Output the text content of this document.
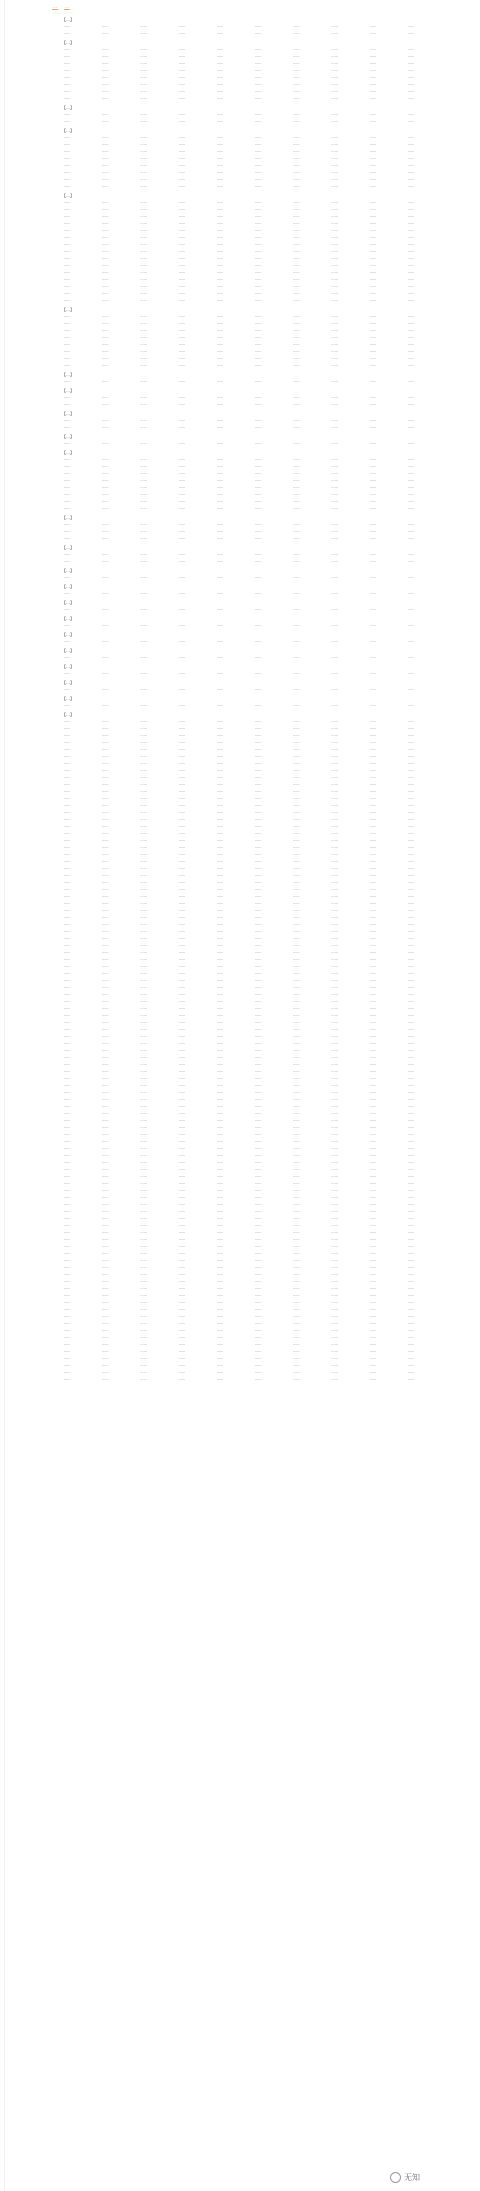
… …
【…】
……	……	……	……	……	……	……	……	……	……
……	……	……	……	……	……	……	……	……	……
【…】
……	……	……	……	……	……	……	……	……	……
……	……	……	……	……	……	……	……	……	……
……	……	……	……	……	……	……	……	……	……
……	……	……	……	……	……	……	……	……	……
……	……	……	……	……	……	……	……	……	……
……	……	……	……	……	……	……	……	……	……
……	……	……	……	……	……	……	……	……	……
……	……	……	……	……	……	……	……	……	……
【…】
……	……	……	……	……	……	……	……	……	……
……	……	……	……	……	……	……	……	……	……
【…】
……	……	……	……	……	……	……	……	……	……
……	……	……	……	……	……	……	……	……	……
……	……	……	……	……	……	……	……	……	……
……	……	……	……	……	……	……	……	……	……
……	……	……	……	……	……	……	……	……	……
……	……	……	……	……	……	……	……	……	……
……	……	……	……	……	……	……	……	……	……
……	……	……	……	……	……	……	……	……	……
【…】
……	……	……	……	……	……	……	……	……	……
……	……	……	……	……	……	……	……	……	……
……	……	……	……	……	……	……	……	……	……
……	……	……	……	……	……	……	……	……	……
……	……	……	……	……	……	……	……	……	……
……	……	……	……	……	……	……	……	……	……
……	……	……	……	……	……	……	……	……	……
……	……	……	……	……	……	……	……	……	……
……	……	……	……	……	……	……	……	……	……
……	……	……	……	……	……	……	……	……	……
……	……	……	……	……	……	……	……	……	……
……	……	……	……	……	……	……	……	……	……
……	……	……	……	……	……	……	……	……	……
……	……	……	……	……	……	……	……	……	……
……	……	……	……	……	……	……	……	……	……
【…】
……	……	……	……	……	……	……	……	……	……
……	……	……	……	……	……	……	……	……	……
……	……	……	……	……	……	……	……	……	……
……	……	……	……	……	……	……	……	……	……
……	……	……	……	……	……	……	……	……	……
……	……	……	……	……	……	……	……	……	……
……	……	……	……	……	……	……	……	……	……
……	……	……	……	……	……	……	……	……	……
【…】
……	……	……	……	……	……	……	……	……	……
【…】
……	……	……	……	……	……	……	……	……	……
……	……	……	……	……	……	……	……	……	……
【…】
……	……	……	……	……	……	……	……	……	……
……	……	……	……	……	……	……	……	……	……
【…】
……	……	……	……	……	……	……	……	……	……
【…】
……	……	……	……	……	……	……	……	……	……
……	……	……	……	……	……	……	……	……	……
……	……	……	……	……	……	……	……	……	……
……	……	……	……	……	……	……	……	……	……
……	……	……	……	……	……	……	……	……	……
……	……	……	……	……	……	……	……	……	……
……	……	……	……	……	……	……	……	……	……
……	……	……	……	……	……	……	……	……	……
【…】
……	……	……	……	……	……	……	……	……	……
……	……	……	……	……	……	……	……	……	……
……	……	……	……	……	……	……	……	……	……
【…】
……	……	……	……	……	……	……	……	……	……
……	……	……	……	……	……	……	……	……	……
【…】
……	……	……	……	……	……	……	……	……	……
【…】
……	……	……	……	……	……	……	……	……	……
【…】
……	……	……	……	……	……	……	……	……	……
【…】
……	……	……	……	……	……	……	……	……	……
【…】
……	……	……	……	……	……	……	……	……	……
【…】
……	……	……	……	……	……	……	……	……	……
【…】
……	……	……	……	……	……	……	……	……	……
【…】
……	……	……	……	……	……	……	……	……	……
【…】
……	……	……	……	……	……	……	……	……	……
【…】
……	……	……	……	……	……	……	……	……	……
……	……	……	……	……	……	……	……	……	……
……	……	……	……	……	……	……	……	……	……
……	……	……	……	……	……	……	……	……	……
……	……	……	……	……	……	……	……	……	……
……	……	……	……	……	……	……	……	……	……
……	……	……	……	……	……	……	……	……	……
……	……	……	……	……	……	……	……	……	……
……	……	……	……	……	……	……	……	……	……
……	……	……	……	……	……	……	……	……	……
……	……	……	……	……	……	……	……	……	……
……	……	……	……	……	……	……	……	……	……
……	……	……	……	……	……	……	……	……	……
……	……	……	……	……	……	……	……	……	……
……	……	……	……	……	……	……	……	……	……
……	……	……	……	……	……	……	……	……	……
……	……	……	……	……	……	……	……	……	……
……	……	……	……	……	……	……	……	……	……
……	……	……	……	……	……	……	……	……	……
……	……	……	……	……	……	……	……	……	……
……	……	……	……	……	……	……	……	……	……
……	……	……	……	……	……	……	……	……	……
……	……	……	……	……	……	……	……	……	……
……	……	……	……	……	……	……	……	……	……
……	……	……	……	……	……	……	……	……	……
……	……	……	……	……	……	……	……	……	……
……	……	……	……	……	……	……	……	……	……
……	……	……	……	……	……	……	……	……	……
……	……	……	……	……	……	……	……	……	……
……	……	……	……	……	……	……	……	……	……
……	……	……	……	……	……	……	……	……	……
……	……	……	……	……	……	……	……	……	……
……	……	……	……	……	……	……	……	……	……
……	……	……	……	……	……	……	……	……	……
……	……	……	……	……	……	……	……	……	……
……	……	……	……	……	……	……	……	……	……
……	……	……	……	……	……	……	……	……	……
……	……	……	……	……	……	……	……	……	……
……	……	……	……	……	……	……	……	……	……
……	……	……	……	……	……	……	……	……	……
……	……	……	……	……	……	……	……	……	……
……	……	……	……	……	……	……	……	……	……
……	……	……	……	……	……	……	……	……	……
……	……	……	……	……	……	……	……	……	……
……	……	……	……	……	……	……	……	……	……
……	……	……	……	……	……	……	……	……	……
……	……	……	……	……	……	……	……	……	……
……	……	……	……	……	……	……	……	……	……
……	……	……	……	……	……	……	……	……	……
……	……	……	……	……	……	……	……	……	……
……	……	……	……	……	……	……	……	……	……
……	……	……	……	……	……	……	……	……	……
……	……	……	……	……	……	……	……	……	……
……	……	……	……	……	……	……	……	……	……
……	……	……	……	……	……	……	……	……	……
……	……	……	……	……	……	……	……	……	……
……	……	……	……	……	……	……	……	……	……
……	……	……	……	……	……	……	……	……	……
……	……	……	……	……	……	……	……	……	……
……	……	……	……	……	……	……	……	……	……
……	……	……	……	……	……	……	……	……	……
……	……	……	……	……	……	……	……	……	……
……	……	……	……	……	……	……	……	……	……
……	……	……	……	……	……	……	……	……	……
……	……	……	……	……	……	……	……	……	……
……	……	……	……	……	……	……	……	……	……
……	……	……	……	……	……	……	……	……	……
……	……	……	……	……	……	……	……	……	……
……	……	……	……	……	……	……	……	……	……
……	……	……	……	……	……	……	……	……	……
……	……	……	……	……	……	……	……	……	……
……	……	……	……	……	……	……	……	……	……
……	……	……	……	……	……	……	……	……	……
……	……	……	……	……	……	……	……	……	……
……	……	……	……	……	……	……	……	……	……
……	……	……	……	……	……	……	……	……	……
……	……	……	……	……	……	……	……	……	……
……	……	……	……	……	……	……	……	……	……
……	……	……	……	……	……	……	……	……	……
……	……	……	……	……	……	……	……	……	……
……	……	……	……	……	……	……	……	……	……
……	……	……	……	……	……	……	……	……	……
……	……	……	……	……	……	……	……	……	……
……	……	……	……	……	……	……	……	……	……
……	……	……	……	……	……	……	……	……	……
……	……	……	……	……	……	……	……	……	……
……	……	……	……	……	……	……	……	……	……
……	……	……	……	……	……	……	……	……	……
……	……	……	……	……	……	……	……	……	……
……	……	……	……	……	……	……	……	……	……
……	……	……	……	……	……	……	……	……	……
……	……	……	……	……	……	……	……	……	……
……	……	……	……	……	……	……	……	……	……
……	……	……	……	……	……	……	……	……	……
……	……	……	……	……	……	……	……	……	……
无知
